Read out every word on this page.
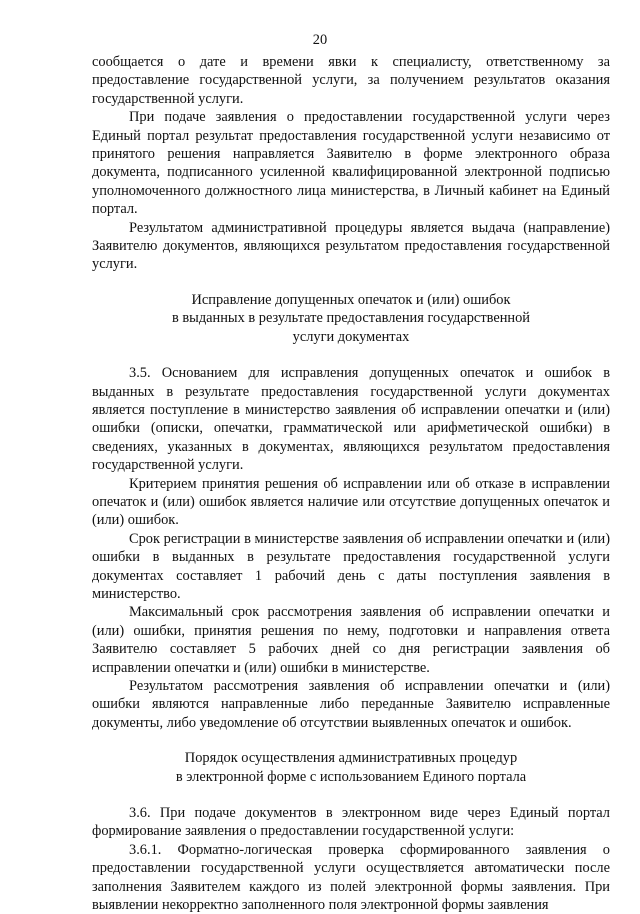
20

сообщается о дате и времени явки к специалисту, ответственному за предоставление государственной услуги, за получением результатов оказания государственной услуги.

При подаче заявления о предоставлении государственной услуги через Единый портал результат предоставления государственной услуги независимо от принятого решения направляется Заявителю в форме электронного образа документа, подписанного усиленной квалифицированной электронной подписью уполномоченного должностного лица министерства, в Личный кабинет на Единый портал.

Результатом административной процедуры является выдача (направление) Заявителю документов, являющихся результатом предоставления государственной услуги.

Исправление допущенных опечаток и (или) ошибок
в выданных в результате предоставления государственной
услуги документах

3.5. Основанием для исправления допущенных опечаток и ошибок в выданных в результате предоставления государственной услуги документах является поступление в министерство заявления об исправлении опечатки и (или) ошибки (описки, опечатки, грамматической или арифметической ошибки) в сведениях, указанных в документах, являющихся результатом предоставления государственной услуги.

Критерием принятия решения об исправлении или об отказе в исправлении опечаток и (или) ошибок является наличие или отсутствие допущенных опечаток и (или) ошибок.

Срок регистрации в министерстве заявления об исправлении опечатки и (или) ошибки в выданных в результате предоставления государственной услуги документах составляет 1 рабочий день с даты поступления заявления в министерство.

Максимальный срок рассмотрения заявления об исправлении опечатки и (или) ошибки, принятия решения по нему, подготовки и направления ответа Заявителю составляет 5 рабочих дней со дня регистрации заявления об исправлении опечатки и (или) ошибки в министерстве.

Результатом рассмотрения заявления об исправлении опечатки и (или) ошибки являются направленные либо переданные Заявителю исправленные документы, либо уведомление об отсутствии выявленных опечаток и ошибок.

Порядок осуществления административных процедур
в электронной форме с использованием Единого портала

3.6. При подаче документов в электронном виде через Единый портал формирование заявления о предоставлении государственной услуги:

3.6.1. Форматно-логическая проверка сформированного заявления о предоставлении государственной услуги осуществляется автоматически после заполнения Заявителем каждого из полей электронной формы заявления. При выявлении некорректно заполненного поля электронной формы заявления
